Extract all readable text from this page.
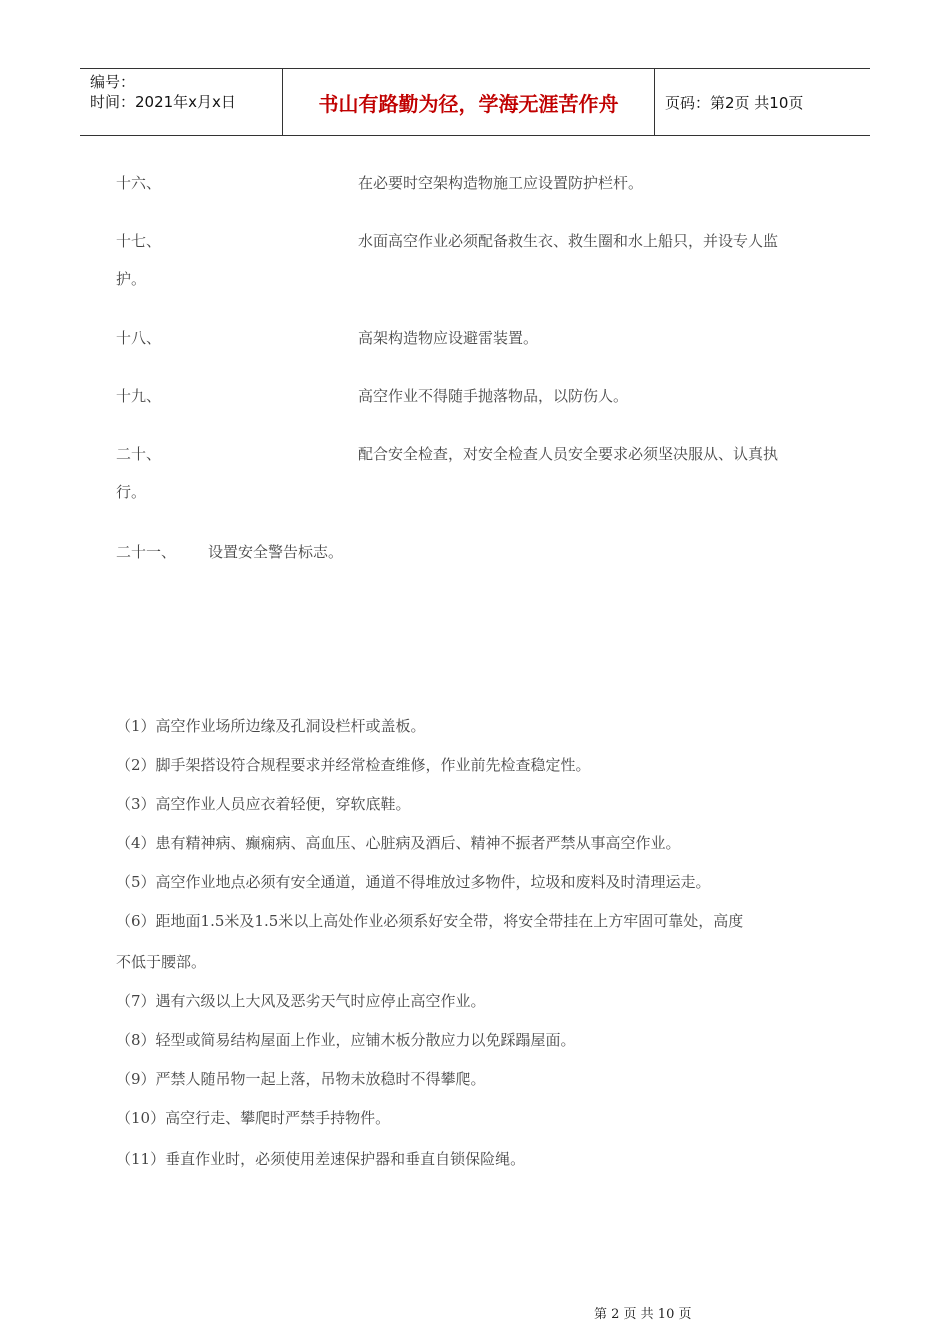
编号：
时间：2021年x月x日	书山有路勤为径，学海无涯苦作舟	页码：第2页 共10页
十六、	在必要时空架构造物施工应设置防护栏杆。
十七、	水面高空作业必须配备救生衣、救生圈和水上船只，并设专人监
护。
十八、	高架构造物应设避雷装置。
十九、	高空作业不得随手抛落物品，以防伤人。
二十、	配合安全检查，对安全检查人员安全要求必须坚决服从、认真执
行。
二十一、 设置安全警告标志。
（1）高空作业场所边缘及孔洞设栏杆或盖板。
（2）脚手架搭设符合规程要求并经常检查维修，作业前先检查稳定性。
（3）高空作业人员应衣着轻便，穿软底鞋。
（4）患有精神病、癫痫病、高血压、心脏病及酒后、精神不振者严禁从事高空作业。
（5）高空作业地点必须有安全通道，通道不得堆放过多物件，垃圾和废料及时清理运走。
（6）距地面1.5米及1.5米以上高处作业必须系好安全带，将安全带挂在上方牢固可靠处，高度
不低于腰部。
（7）遇有六级以上大风及恶劣天气时应停止高空作业。
（8）轻型或简易结构屋面上作业，应铺木板分散应力以免踩蹋屋面。
（9）严禁人随吊物一起上落，吊物未放稳时不得攀爬。
（10）高空行走、攀爬时严禁手持物件。
（11）垂直作业时，必须使用差速保护器和垂直自锁保险绳。
第 2 页 共 10 页
